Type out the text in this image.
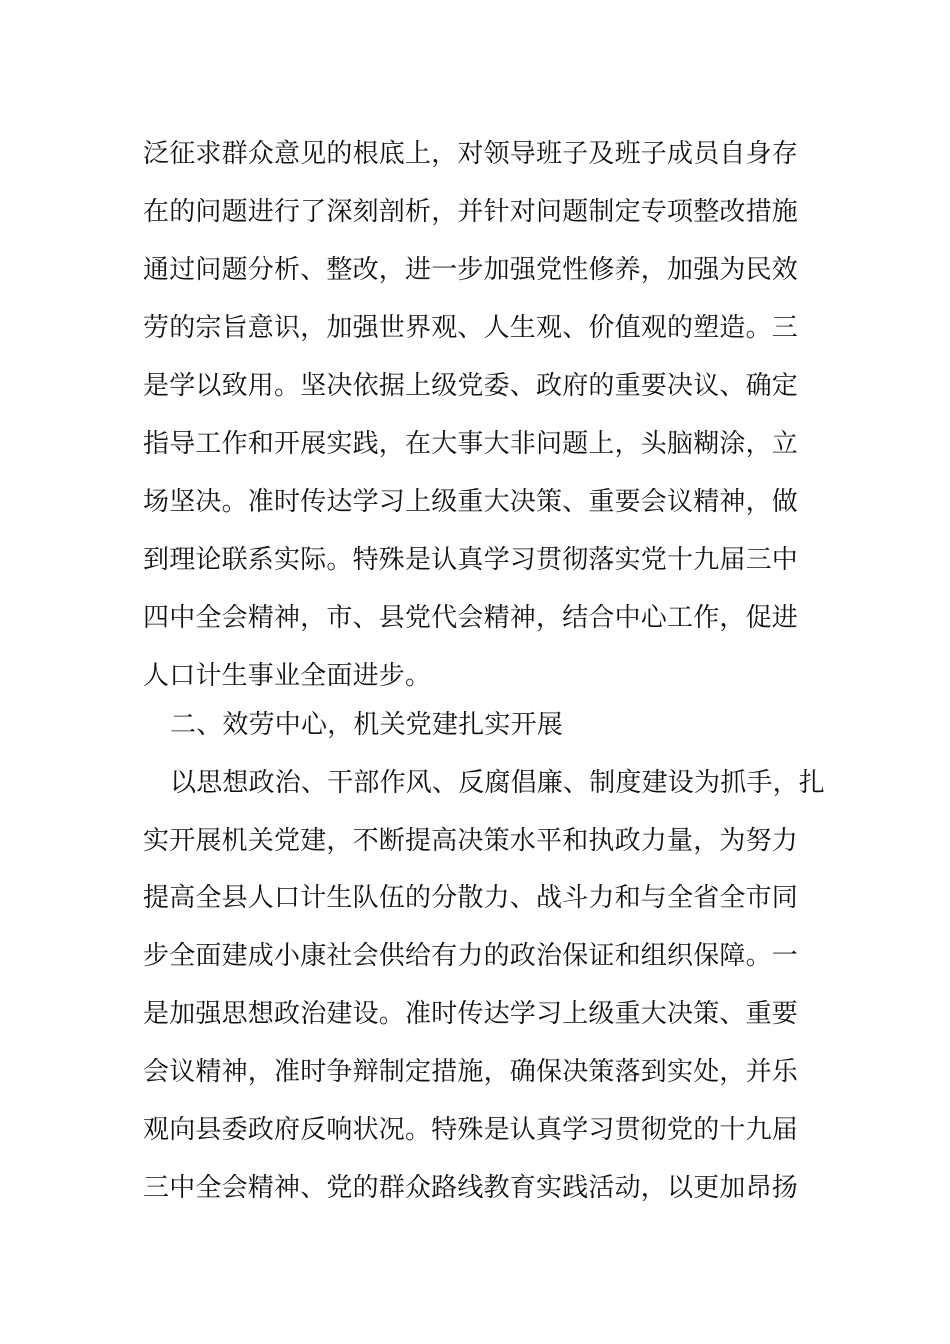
泛征求群众意见的根底上，对领导班子及班子成员自身存
在的问题进行了深刻剖析，并针对问题制定专项整改措施
通过问题分析、整改，进一步加强党性修养，加强为民效
劳的宗旨意识，加强世界观、人生观、价值观的塑造。三
是学以致用。坚决依据上级党委、政府的重要决议、确定
指导工作和开展实践，在大事大非问题上，头脑糊涂，立
场坚决。准时传达学习上级重大决策、重要会议精神，做
到理论联系实际。特殊是认真学习贯彻落实党十九届三中
四中全会精神，市、县党代会精神，结合中心工作，促进
人口计生事业全面进步。
二、效劳中心，机关党建扎实开展
以思想政治、干部作风、反腐倡廉、制度建设为抓手，扎
实开展机关党建，不断提高决策水平和执政力量，为努力
提高全县人口计生队伍的分散力、战斗力和与全省全市同
步全面建成小康社会供给有力的政治保证和组织保障。一
是加强思想政治建设。准时传达学习上级重大决策、重要
会议精神，准时争辩制定措施，确保决策落到实处，并乐
观向县委政府反响状况。特殊是认真学习贯彻党的十九届
三中全会精神、党的群众路线教育实践活动，以更加昂扬
